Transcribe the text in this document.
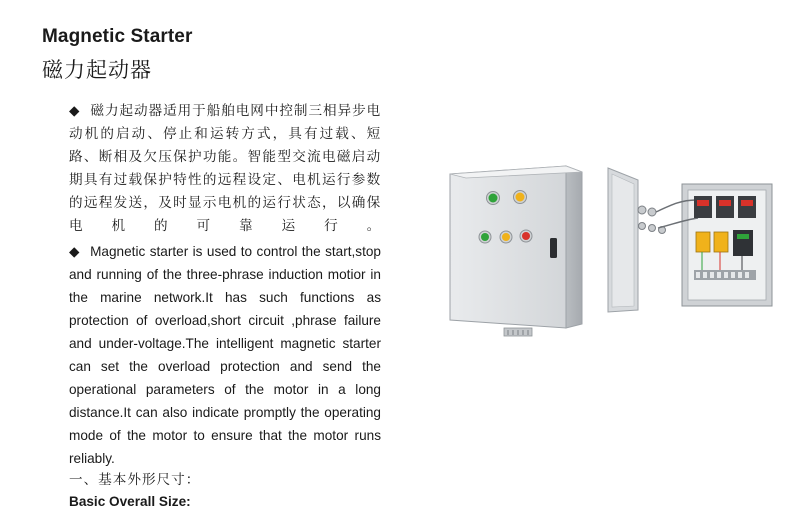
Magnetic Starter
磁力起动器
◆ 磁力起动器适用于船舶电网中控制三相异步电动机的启动、停止和运转方式，具有过载、短路、断相及欠压保护功能。智能型交流电磁启动期具有过载保护特性的远程设定、电机运行参数的远程发送，及时显示电机的运行状态，以确保电机的可靠运行。
◆ Magnetic starter is used to control the start,stop and running of the three-phrase induction motior in the marine network.It has such functions as protection of overload,short circuit ,phrase failure and under-voltage.The intelligent magnetic starter can set the overload protection and send the operational parameters of the motor in a long distance.It can also indicate promptly the operating mode of the motor to ensure that the motor runs reliably.
一、基本外形尺寸：
Basic Overall Size:
